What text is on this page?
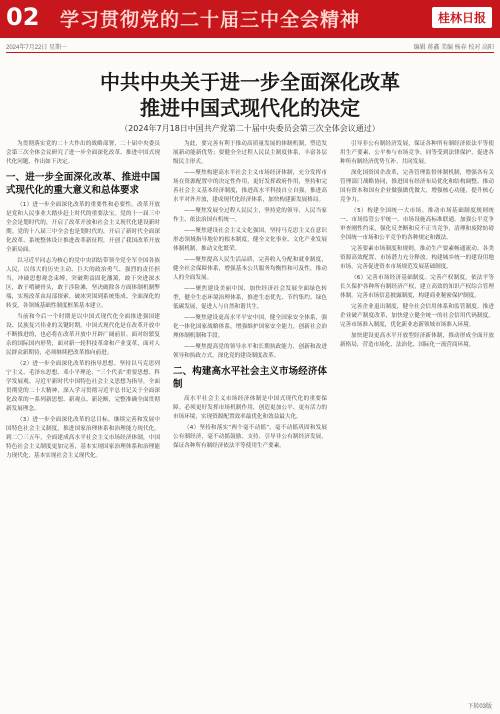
02 学习贯彻党的二十届三中全会精神	桂林日报
2024年7月22日 星期一	编辑 蒋鑫 美编 杨春 校对 高阳
中共中央关于进一步全面深化改革
推进中国式现代化的决定
（2024年7月18日中国共产党第二十届中央委员会第三次全体会议通过）

为贯彻落实党的二十大作出的战略部署，二十届中央委员会第三次全体会议研究了进一步全面深化改革、推进中国式现代化问题，作出如下决定。

一、进一步全面深化改革、推进中国式现代化的重大意义和总体要求

（1）进一步全面深化改革的重要性和必要性。改革开放是党和人民事业大踏步赶上时代的重要法宝。党的十一届三中全会是划时代的，开启了改革开放和社会主义现代化建设新时期。党的十八届三中全会也是划时代的，开启了新时代全面深化改革、系统整体设计推进改革新征程，开创了我国改革开放全新局面。

以习近平同志为核心的党中央团结带领全党全军全国各族人民，以伟大的历史主动、巨大的政治勇气、强烈的责任担当，冲破思想观念束缚，突破利益固化藩篱，敢于突进深水区，敢于啃硬骨头，敢于涉险滩，坚决破除各方面体制机制弊端，实现改革由局部探索、破冰突围到系统集成、全面深化的转变，各领域基础性制度框架基本建立。

当前和今后一个时期是以中国式现代化全面推进强国建设、民族复兴伟业的关键时期。中国式现代化是在改革开放中不断推进的，也必将在改革开放中开辟广阔前景。面对纷繁复杂的国际国内形势，面对新一轮科技革命和产业变革，面对人民群众新期待，必须继续把改革推向前进。

（2）进一步全面深化改革的指导思想。坚持以马克思列宁主义、毛泽东思想、邓小平理论、“三个代表”重要思想、科学发展观、习近平新时代中国特色社会主义思想为指导，全面贯彻党的二十大精神，深入学习贯彻习近平总书记关于全面深化改革的一系列新思想、新观点、新论断，完整准确全面贯彻新发展理念。

（3）进一步全面深化改革的总目标。继续完善和发展中国特色社会主义制度，推进国家治理体系和治理能力现代化。到二〇三五年，全面建成高水平社会主义市场经济体制，中国特色社会主义制度更加完善，基本实现国家治理体系和治理能力现代化，基本实现社会主义现代化。

为此，要完善有利于推动高质量发展的体制机制，塑造发展新动能新优势；要健全全过程人民民主制度体系，丰富各层级民主形式。

——聚焦构建高水平社会主义市场经济体制，充分发挥市场在资源配置中的决定性作用，更好发挥政府作用，坚持和完善社会主义基本经济制度，推进高水平科技自立自强，推进高水平对外开放，建成现代化经济体系，加快构建新发展格局。

——聚焦发展全过程人民民主，坚持党的领导、人民当家作主、依法治国有机统一。

——聚焦建设社会主义文化强国，坚持马克思主义在意识形态领域指导地位的根本制度，健全文化事业、文化产业发展体制机制，推动文化繁荣。

——聚焦提高人民生活品质，完善收入分配和就业制度，健全社会保障体系，增强基本公共服务均衡性和可及性，推动人的全面发展。

——聚焦建设美丽中国，加快经济社会发展全面绿色转型，健全生态环境治理体系，推进生态优先、节约集约、绿色低碳发展，促进人与自然和谐共生。

——聚焦建设更高水平平安中国，健全国家安全体系，强化一体化国家战略体系，增强维护国家安全能力，创新社会治理体制机制和手段。

——聚焦提高党的领导水平和长期执政能力，创新和改进领导和执政方式，深化党的建设制度改革。

二、构建高水平社会主义市场经济体制

高水平社会主义市场经济体制是中国式现代化的重要保障。必须更好发挥市场机制作用，创造更加公平、更有活力的市场环境，实现资源配置效率最优化和效益最大化。

（4）坚持和落实“两个毫不动摇”。毫不动摇巩固和发展公有制经济，毫不动摇鼓励、支持、引导非公有制经济发展，保证各种所有制经济依法平等使用生产要素。

引导非公有制经济发展，保证各种所有制经济依法平等使用生产要素、公平参与市场竞争、同等受到法律保护，促进各种所有制经济优势互补、共同发展。

深化国资国企改革，完善管理监督体制机制，增强各有关管理部门战略协同，推进国有经济布局优化和结构调整，推动国有资本和国有企业做强做优做大，增强核心功能，提升核心竞争力。

（5）构建全国统一大市场。推动市场基础制度规则统一、市场监管公平统一、市场设施高标准联通。加强公平竞争审查刚性约束，强化反垄断和反不正当竞争，清理和废除妨碍全国统一市场和公平竞争的各种规定和做法。

完善要素市场制度和规则，推动生产要素畅通流动、各类资源高效配置、市场潜力充分释放。构建城乡统一的建设用地市场。完善促进资本市场规范发展基础制度。

（6）完善市场经济基础制度。完善产权制度，依法平等长久保护各种所有制经济产权，建立高效的知识产权综合管理体制。完善市场信息披露制度，构建商业秘密保护制度。

完善企业退出制度，健全社会信用体系和监管制度。推进企业破产制度改革，加快建立健全统一的社会信用代码制度。完善市场准入制度，优化新业态新领域市场准入环境。

加快建设更高水平开放型经济新体制，推动形成全面开放新格局，营造市场化、法治化、国际化一流营商环境。

下转03版
